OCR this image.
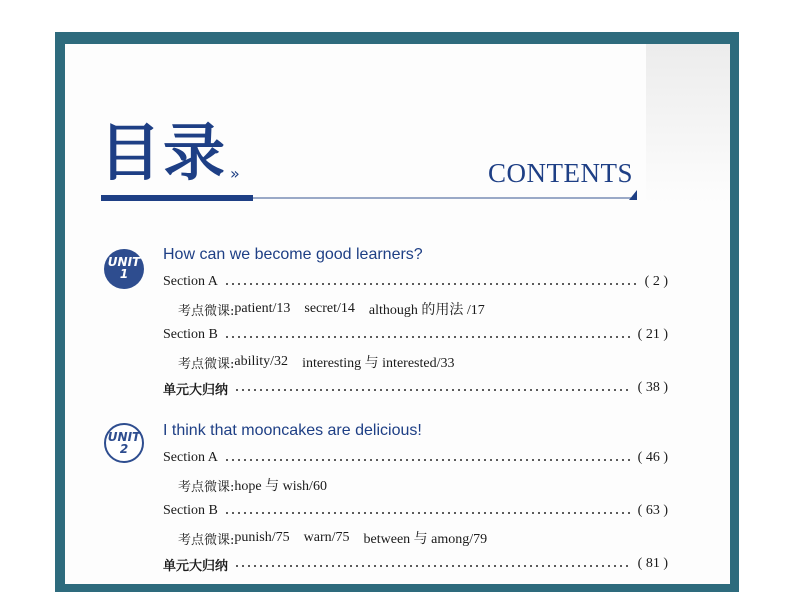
目录 »	CONTENTS
UNIT
1
How can we become good learners?
Section A	( 2 )
考点微课: patient/13 secret/14 although 的用法 /17
Section B	( 21 )
考点微课: ability/32 interesting 与 interested/33
单元大归纳	( 38 )
UNIT
2
I think that mooncakes are delicious!
Section A	( 46 )
考点微课: hope 与 wish/60
Section B	( 63 )
考点微课: punish/75 warn/75 between 与 among/79
单元大归纳	( 81 )
